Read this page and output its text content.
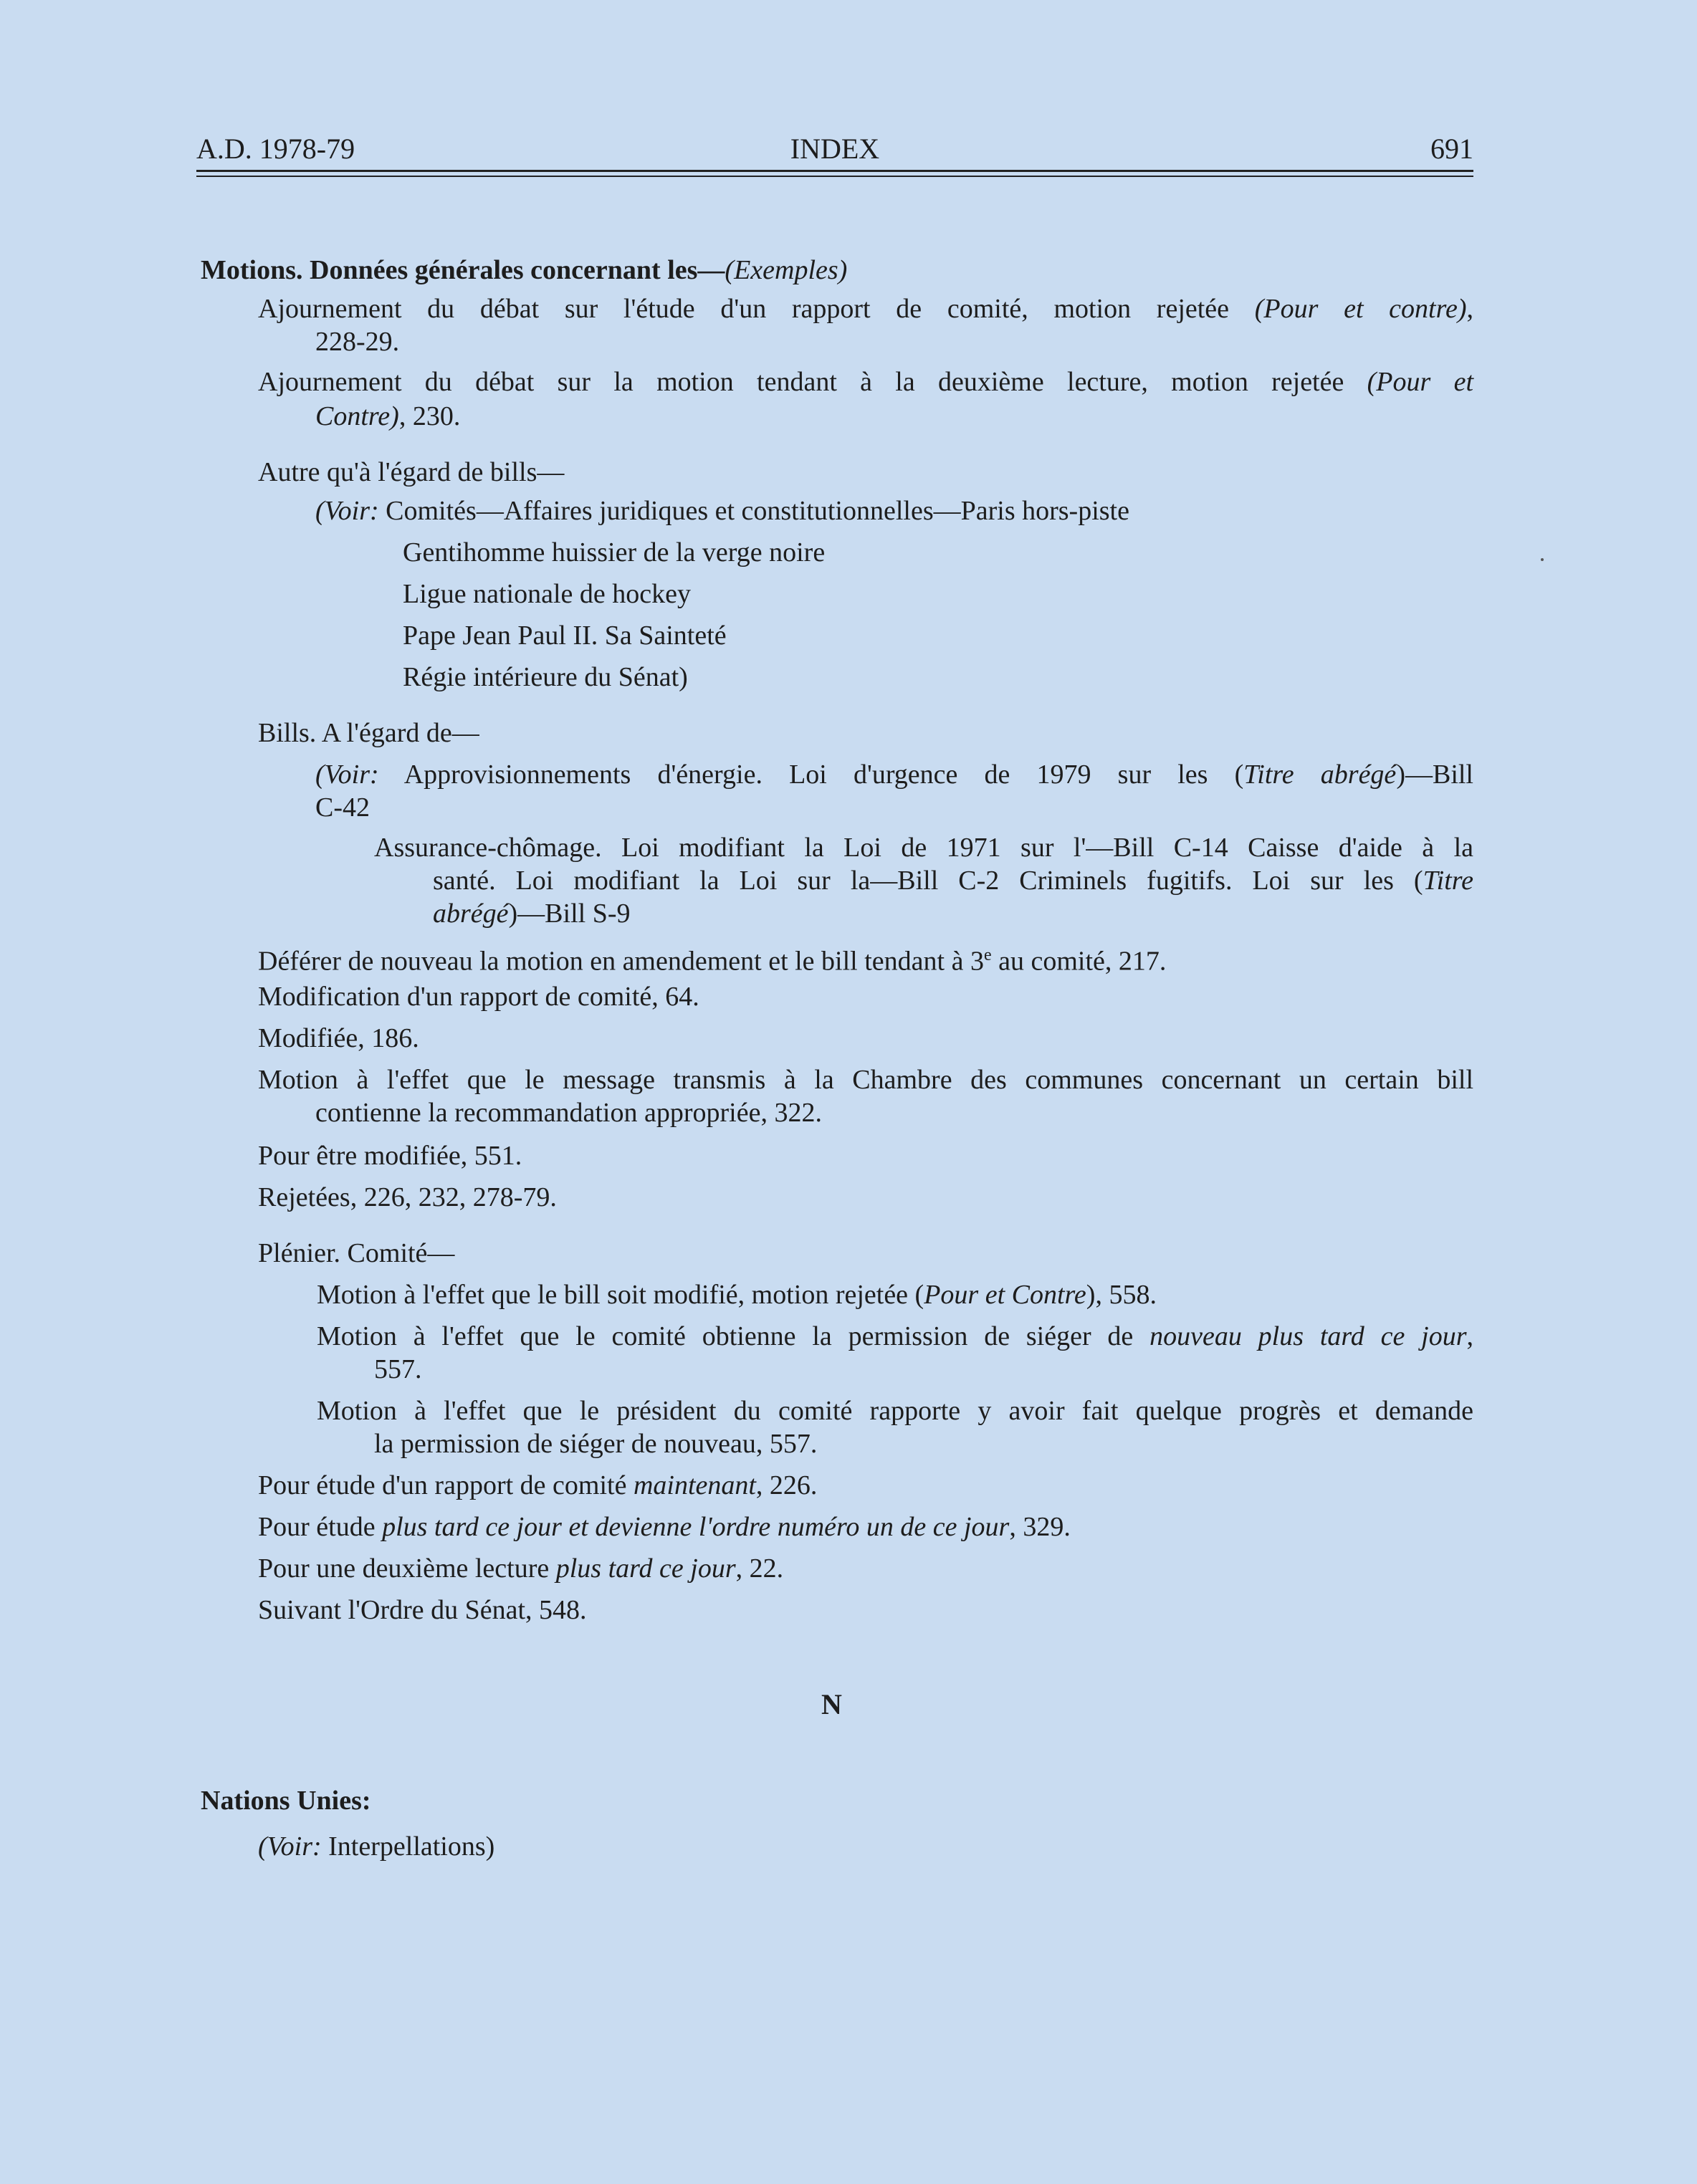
A.D. 1978-79	INDEX	691
Motions. Données générales concernant les—(Exemples)
Ajournement du débat sur l'étude d'un rapport de comité, motion rejetée (Pour et contre),
228-29.
Ajournement du débat sur la motion tendant à la deuxième lecture, motion rejetée (Pour et
Contre), 230.
Autre qu'à l'égard de bills—
(Voir: Comités—Affaires juridiques et constitutionnelles—Paris hors-piste
Gentihomme huissier de la verge noire
Ligue nationale de hockey
Pape Jean Paul II. Sa Sainteté
Régie intérieure du Sénat)
Bills. A l'égard de—
(Voir: Approvisionnements d'énergie. Loi d'urgence de 1979 sur les (Titre abrégé)—Bill
C-42
Assurance-chômage. Loi modifiant la Loi de 1971 sur l'—Bill C-14 Caisse d'aide à la
santé. Loi modifiant la Loi sur la—Bill C-2 Criminels fugitifs. Loi sur les (Titre
abrégé)—Bill S-9
Déférer de nouveau la motion en amendement et le bill tendant à 3e au comité, 217.
Modification d'un rapport de comité, 64.
Modifiée, 186.
Motion à l'effet que le message transmis à la Chambre des communes concernant un certain bill
contienne la recommandation appropriée, 322.
Pour être modifiée, 551.
Rejetées, 226, 232, 278-79.
Plénier. Comité—
Motion à l'effet que le bill soit modifié, motion rejetée (Pour et Contre), 558.
Motion à l'effet que le comité obtienne la permission de siéger de nouveau plus tard ce jour,
557.
Motion à l'effet que le président du comité rapporte y avoir fait quelque progrès et demande
la permission de siéger de nouveau, 557.
Pour étude d'un rapport de comité maintenant, 226.
Pour étude plus tard ce jour et devienne l'ordre numéro un de ce jour, 329.
Pour une deuxième lecture plus tard ce jour, 22.
Suivant l'Ordre du Sénat, 548.
N
Nations Unies:
(Voir: Interpellations)
